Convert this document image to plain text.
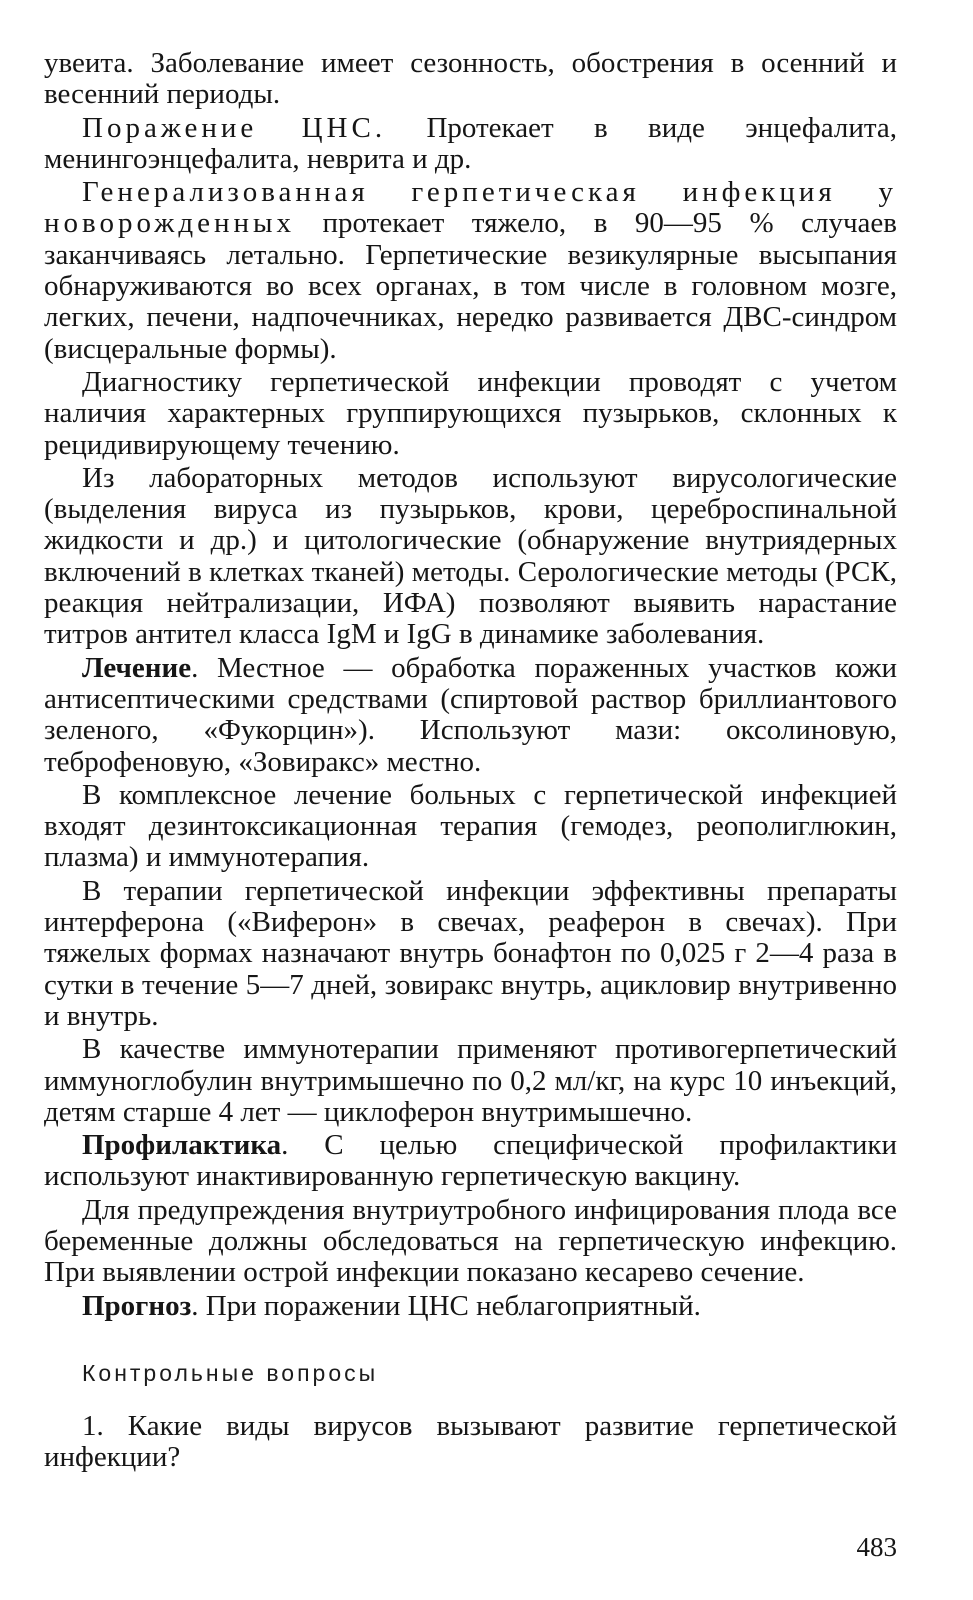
увеита. Заболевание имеет сезонность, обострения в осенний и весенний периоды.

Поражение ЦНС. Протекает в виде энцефалита, менингоэнцефалита, неврита и др.

Генерализованная герпетическая инфекция у новорожденных протекает тяжело, в 90—95 % случаев заканчиваясь летально. Герпетические везикулярные высыпания обнаруживаются во всех органах, в том числе в головном мозге, легких, печени, надпочечниках, нередко развивается ДВС-синдром (висцеральные формы).

Диагностику герпетической инфекции проводят с учетом наличия характерных группирующихся пузырьков, склонных к рецидивирующему течению.

Из лабораторных методов используют вирусологические (выделения вируса из пузырьков, крови, цереброспинальной жидкости и др.) и цитологические (обнаружение внутриядерных включений в клетках тканей) методы. Серологические методы (РСК, реакция нейтрализации, ИФА) позволяют выявить нарастание титров антител класса IgM и IgG в динамике заболевания.

Лечение. Местное — обработка пораженных участков кожи антисептическими средствами (спиртовой раствор бриллиантового зеленого, «Фукорцин»). Используют мази: оксолиновую, теброфеновую, «Зовиракс» местно.

В комплексное лечение больных с герпетической инфекцией входят дезинтоксикационная терапия (гемодез, реополиглюкин, плазма) и иммунотерапия.

В терапии герпетической инфекции эффективны препараты интерферона («Виферон» в свечах, реаферон в свечах). При тяжелых формах назначают внутрь бонафтон по 0,025 г 2—4 раза в сутки в течение 5—7 дней, зовиракс внутрь, ацикловир внутривенно и внутрь.

В качестве иммунотерапии применяют противогерпетический иммуноглобулин внутримышечно по 0,2 мл/кг, на курс 10 инъекций, детям старше 4 лет — циклоферон внутримышечно.

Профилактика. С целью специфической профилактики используют инактивированную герпетическую вакцину.

Для предупреждения внутриутробного инфицирования плода все беременные должны обследоваться на герпетическую инфекцию. При выявлении острой инфекции показано кесарево сечение.

Прогноз. При поражении ЦНС неблагоприятный.

Контрольные вопросы

1. Какие виды вирусов вызывают развитие герпетической инфекции?

483
